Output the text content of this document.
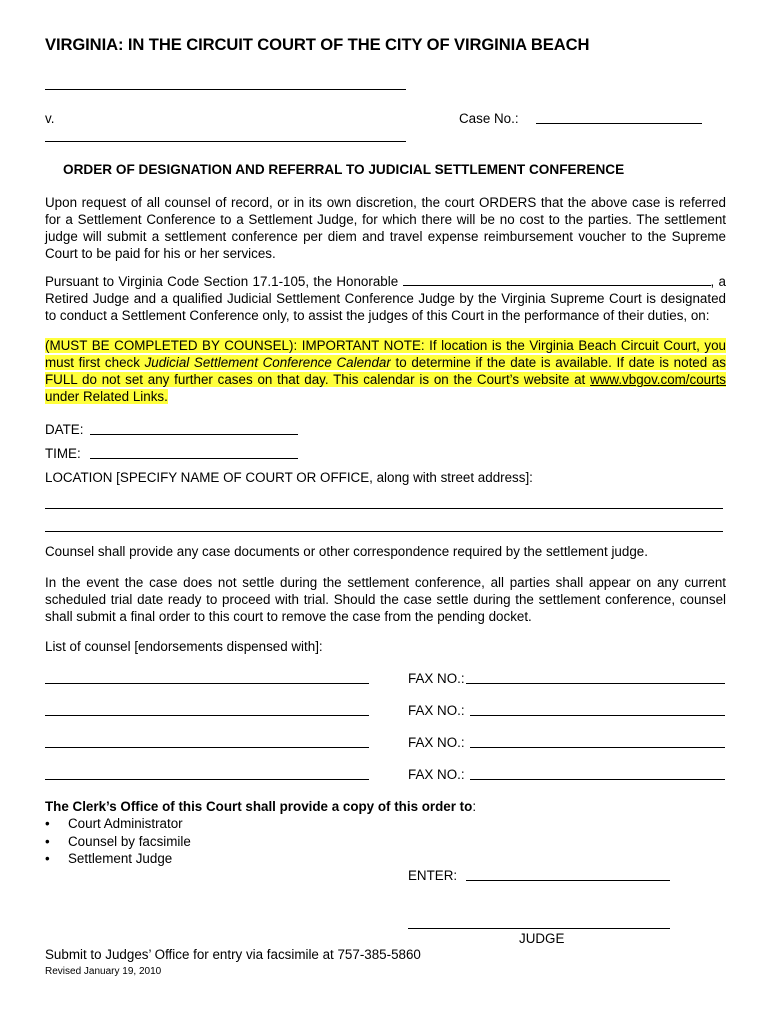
VIRGINIA: IN THE CIRCUIT COURT OF THE CITY OF VIRGINIA BEACH
v.	Case No.:
ORDER OF DESIGNATION AND REFERRAL TO JUDICIAL SETTLEMENT CONFERENCE
Upon request of all counsel of record, or in its own discretion, the court ORDERS that the above case is referred for a Settlement Conference to a Settlement Judge, for which there will be no cost to the parties. The settlement judge will submit a settlement conference per diem and travel expense reimbursement voucher to the Supreme Court to be paid for his or her services.
Pursuant to Virginia Code Section 17.1-105, the Honorable	, a Retired Judge and a qualified Judicial Settlement Conference Judge by the Virginia Supreme Court is designated to conduct a Settlement Conference only, to assist the judges of this Court in the performance of their duties, on:
(MUST BE COMPLETED BY COUNSEL): IMPORTANT NOTE: If location is the Virginia Beach Circuit Court, you must first check Judicial Settlement Conference Calendar to determine if the date is available. If date is noted as FULL do not set any further cases on that day. This calendar is on the Court’s website at www.vbgov.com/courts under Related Links.
DATE:
TIME:
LOCATION [SPECIFY NAME OF COURT OR OFFICE, along with street address]:
Counsel shall provide any case documents or other correspondence required by the settlement judge.
In the event the case does not settle during the settlement conference, all parties shall appear on any current scheduled trial date ready to proceed with trial. Should the case settle during the settlement conference, counsel shall submit a final order to this court to remove the case from the pending docket.
List of counsel [endorsements dispensed with]:
FAX NO.:
FAX NO.:
FAX NO.:
FAX NO.:
The Clerk’s Office of this Court shall provide a copy of this order to:
• Court Administrator
• Counsel by facsimile
• Settlement Judge
ENTER:
JUDGE
Submit to Judges’ Office for entry via facsimile at 757-385-5860
Revised January 19, 2010
